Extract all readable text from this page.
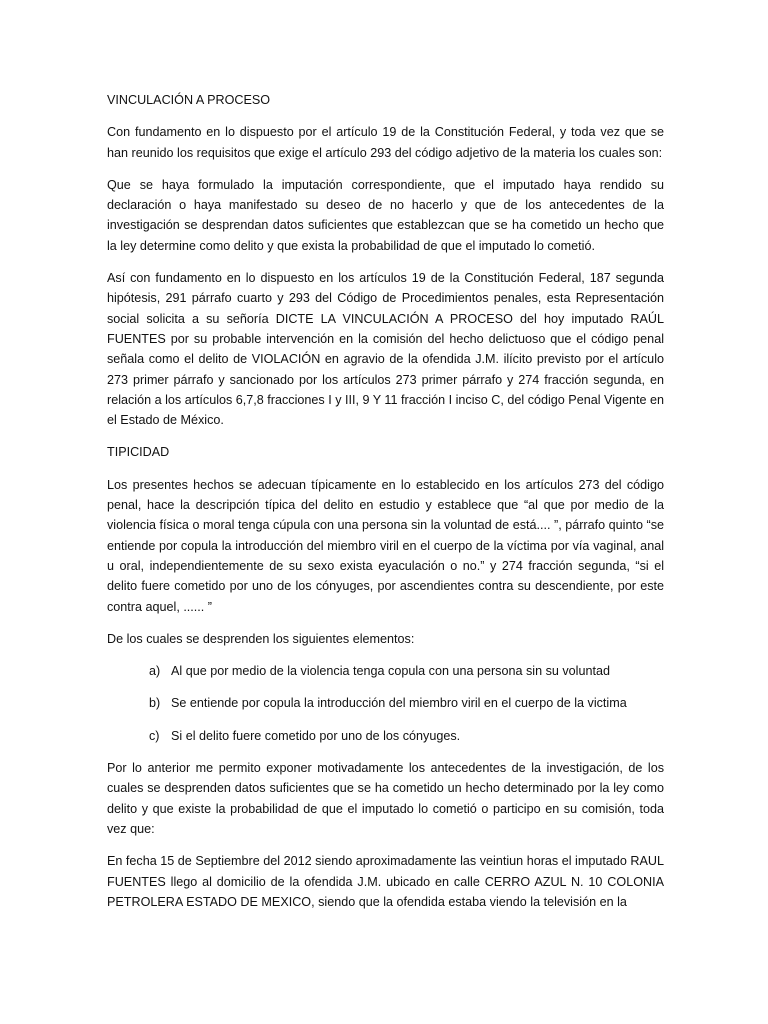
VINCULACIÓN A PROCESO

Con fundamento en lo dispuesto por el artículo 19 de la Constitución Federal, y toda vez que se han reunido los requisitos que exige el artículo 293 del código adjetivo de la materia los cuales son:

Que se haya formulado la imputación correspondiente, que el imputado haya rendido su declaración o haya manifestado su deseo de no hacerlo y que de los antecedentes de la investigación se desprendan datos suficientes que establezcan que se ha cometido un hecho que la ley determine como delito y que exista la probabilidad de que el imputado lo cometió.

Así con fundamento en lo dispuesto en los artículos 19 de la Constitución Federal, 187 segunda hipótesis, 291 párrafo cuarto y 293 del Código de Procedimientos penales, esta Representación social solicita a su señoría DICTE LA VINCULACIÓN A PROCESO del hoy imputado RAÚL FUENTES por su probable intervención en la comisión del hecho delictuoso que el código penal señala como el delito de VIOLACIÓN en agravio de la ofendida J.M. ilícito previsto por el artículo 273 primer párrafo y sancionado por los artículos 273 primer párrafo y 274 fracción segunda, en relación a los artículos 6,7,8 fracciones I y III, 9 Y 11 fracción I inciso C, del código Penal Vigente en el Estado de México.

TIPICIDAD

Los presentes hechos se adecuan típicamente en lo establecido en los artículos 273 del código penal, hace la descripción típica del delito en estudio y establece que “al que por medio de la violencia física o moral tenga cúpula con una persona sin la voluntad de está.... ”, párrafo quinto “se entiende por copula la introducción del miembro viril en el cuerpo de la víctima por vía vaginal, anal u oral, independientemente de su sexo exista eyaculación o no.” y 274 fracción segunda, “si el delito fuere cometido por uno de los cónyuges, por ascendientes contra su descendiente, por este contra aquel, ...... ”

De los cuales se desprenden los siguientes elementos:

a) Al que por medio de la violencia tenga copula con una persona sin su voluntad
b) Se entiende por copula la introducción del miembro viril en el cuerpo de la victima
c) Si el delito fuere cometido por uno de los cónyuges.

Por lo anterior me permito exponer motivadamente los antecedentes de la investigación, de los cuales se desprenden datos suficientes que se ha cometido un hecho determinado por la ley como delito y que existe la probabilidad de que el imputado lo cometió o participo en su comisión, toda vez que:

En fecha 15 de Septiembre del 2012 siendo aproximadamente las veintiun horas el imputado RAUL FUENTES llego al domicilio de la ofendida J.M. ubicado en calle CERRO AZUL N. 10 COLONIA PETROLERA ESTADO DE MEXICO, siendo que la ofendida estaba viendo la televisión en la
